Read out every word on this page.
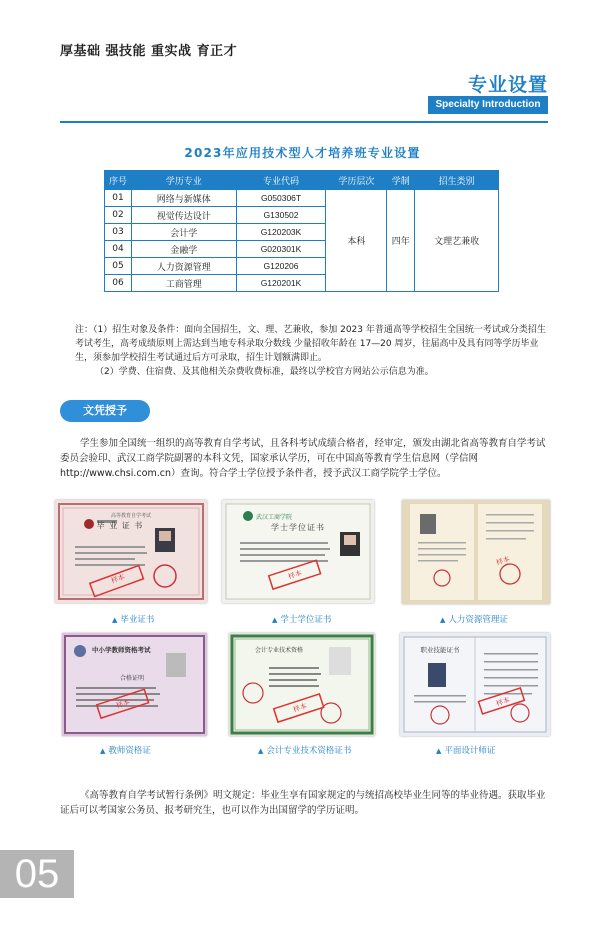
厚基础 强技能 重实战 育正才
专业设置
Specialty Introduction
2023年应用技术型人才培养班专业设置
序号	学历专业	专业代码	学历层次	学制	招生类别
01	网络与新媒体	G050306T	本科	四年	文理艺兼收
02	视觉传达设计	G130502			
03	会计学	G120203K			
04	金融学	G020301K			
05	人力资源管理	G120206			
06	工商管理	G120201K			

注：（1）招生对象及条件：面向全国招生，文、理、艺兼收，参加 2023 年普通高等学校招生全国统一考试或分类招生考试考生，高考成绩原则上需达到当地专科录取分数线 少量招收年龄在 17—20 周岁，往届高中及具有同等学历毕业生，须参加学校招生考试通过后方可录取，招生计划额满即止。

（2）学费、住宿费、及其他相关杂费收费标准，最终以学校官方网站公示信息为准。

文凭授予

学生参加全国统一组织的高等教育自学考试，且各科考试成绩合格者，经审定，颁发由湖北省高等教育自学考试委员会验印、武汉工商学院副署的本科文凭，国家承认学历，可在中国高等教育学生信息网（学信网 http://www.chsi.com.cn）查询。符合学士学位授予条件者，授予武汉工商学院学士学位。

高等教育自学考试
毕 业 证 书
样本
▲ 毕业证书
武汉工商学院
学士学位证书
样本
▲ 学士学位证书
样本
▲ 人力资源管理证
中小学教师资格考试
合格证明
样本
▲ 教师资格证
会计专业技术资格
样本
▲ 会计专业技术资格证书
职业技能证书
样本
▲ 平面设计师证

《高等教育自学考试暂行条例》明文规定：毕业生享有国家规定的与统招高校毕业生同等的毕业待遇。获取毕业证后可以考国家公务员、报考研究生，也可以作为出国留学的学历证明。

05
